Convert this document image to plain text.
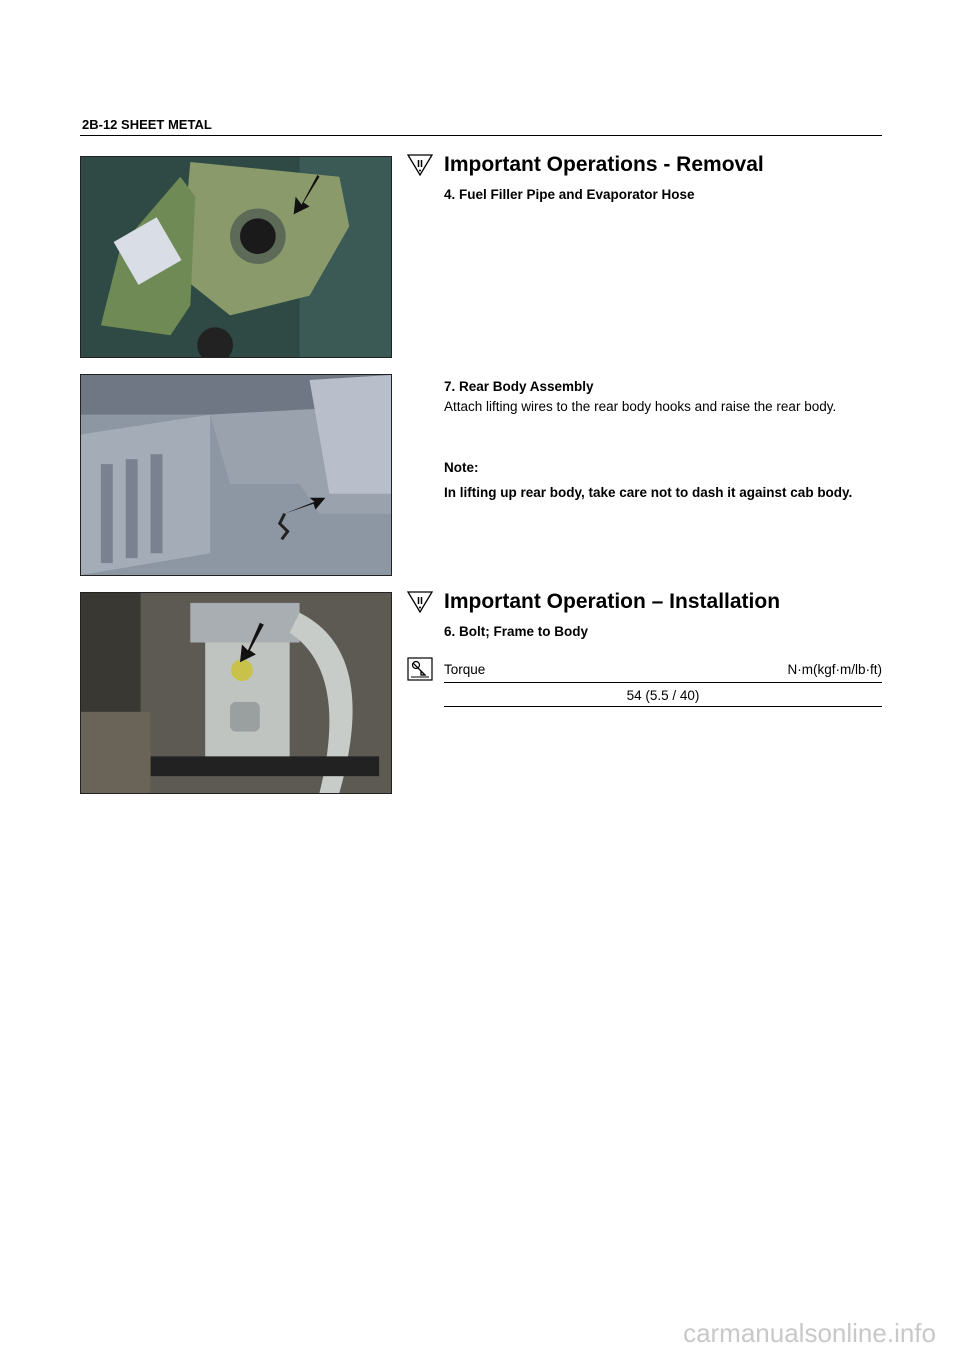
2B-12 SHEET METAL
Important Operations - Removal
4. Fuel Filler Pipe and Evaporator Hose
7. Rear Body Assembly
Attach lifting wires to the rear body hooks and raise the rear body.
Note:
In lifting up rear body, take care not to dash it against cab body.
Important Operation – Installation
6. Bolt; Frame to Body
Torque	N·m(kgf·m/lb·ft)
54 (5.5 / 40)
carmanualsonline.info
